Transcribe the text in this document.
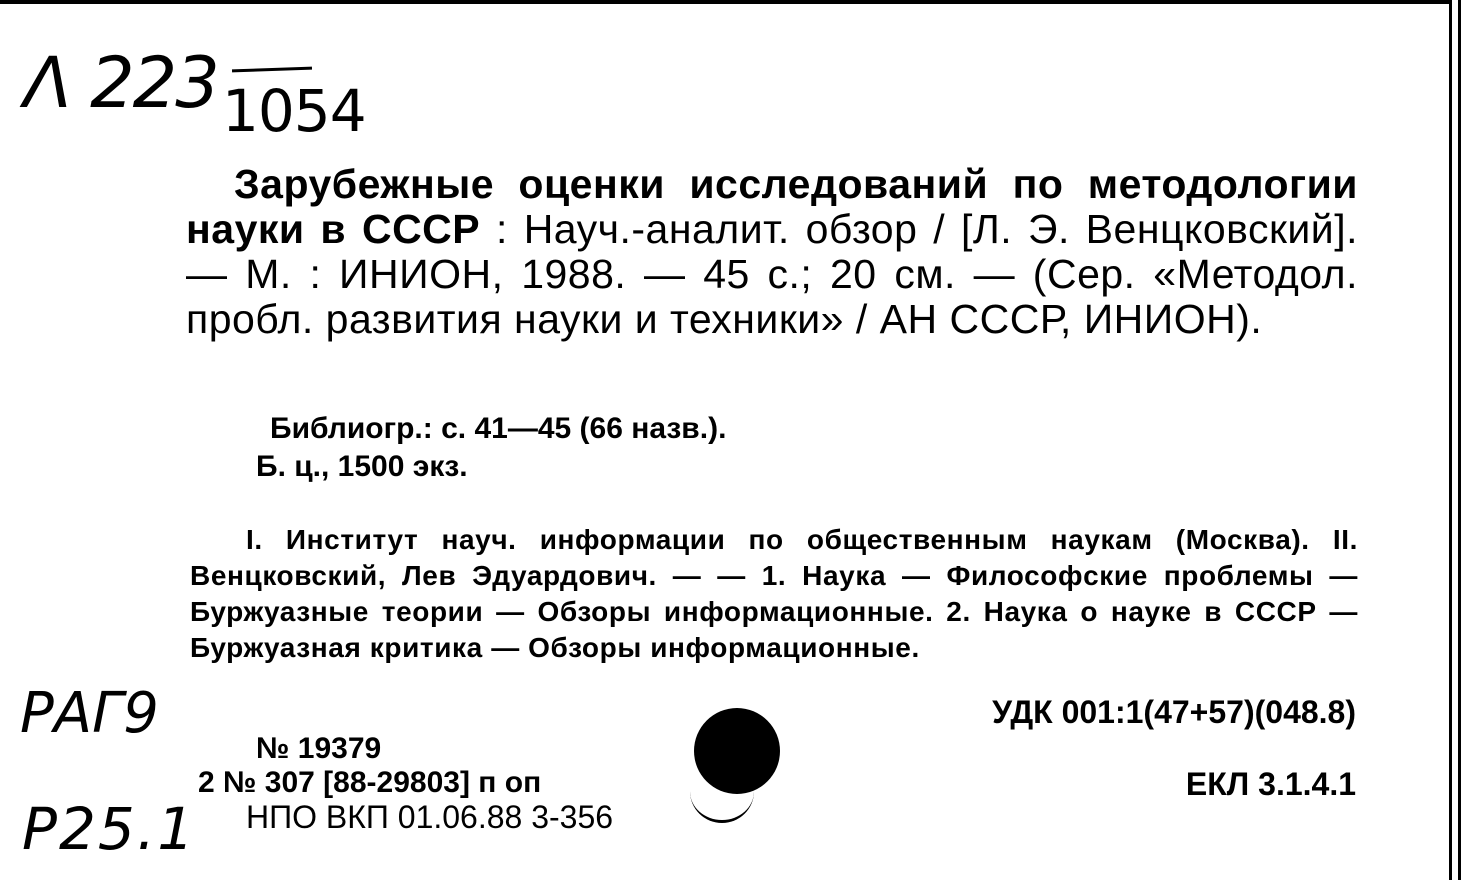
Λ 223 1054

Зарубежные оценки исследований по методологии науки в СССР : Науч.-аналит. обзор / [Л. Э. Венцковский]. — М. : ИНИОН, 1988. — 45 с.; 20 см. — (Сер. «Методол. пробл. развития науки и техники» / АН СССР, ИНИОН).

Библиогр.: с. 41—45 (66 назв.).
Б. ц., 1500 экз.

I. Институт науч. информации по общественным наукам (Москва). II. Венцковский, Лев Эдуардович. — — 1. Наука — Философские проблемы — Буржуазные теории — Обзоры информационные. 2. Наука о науке в СССР — Буржуазная критика — Обзоры информационные.

РАГ9	УДК 001:1(47+57)(048.8)
№ 19379
2 № 307 [88-29803] п оп
НПО ВКП 01.06.88 3-356
ЕКЛ 3.1.4.1
Р25.1
